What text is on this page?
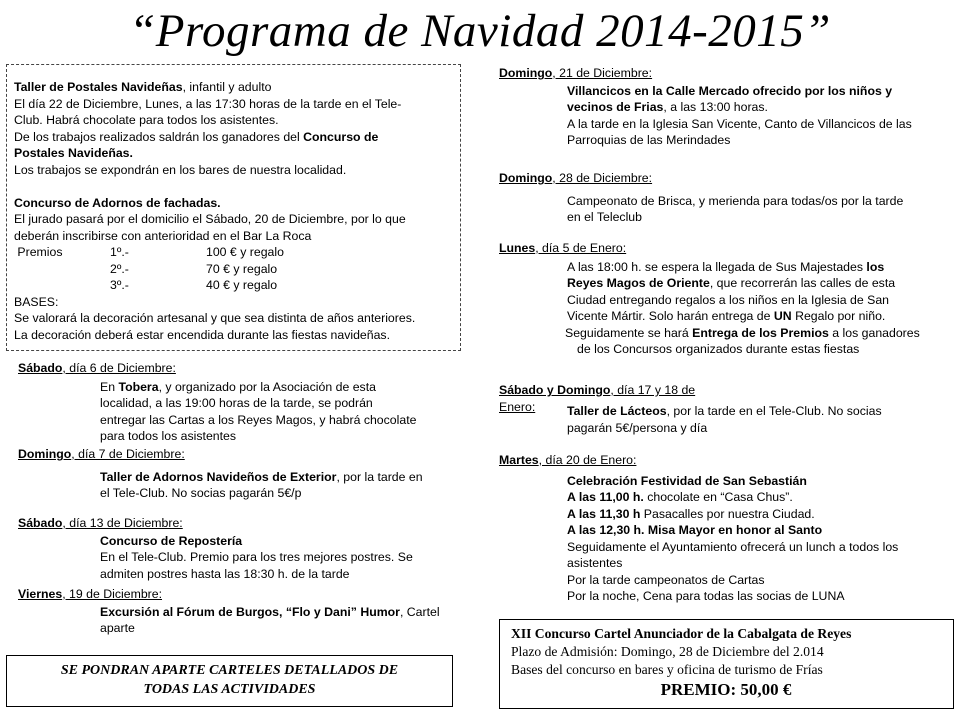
“Programa de Navidad 2014-2015”

Taller de Postales Navideñas, infantil y adulto

El día 22 de Diciembre, Lunes, a las 17:30 horas de la tarde en el Tele-

Club. Habrá chocolate para todos los asistentes.

De los trabajos realizados saldrán los ganadores del Concurso de

Postales Navideñas.

Los trabajos se expondrán en los bares de nuestra localidad.

Concurso de Adornos de fachadas.

El jurado pasará por el domicilio el Sábado, 20 de Diciembre, por lo que

deberán inscribirse con anterioridad en el Bar La Roca

Premios	1º.-	100 € y regalo
2º.-	70 € y regalo
3º.-	40 € y regalo

BASES:

Se valorará la decoración artesanal y que sea distinta de años anteriores.

La decoración deberá estar encendida durante las fiestas navideñas.

Sábado, día 6 de Diciembre:

En Tobera, y organizado por la Asociación de esta

localidad, a las 19:00 horas de la tarde, se podrán

entregar las Cartas a los Reyes Magos, y habrá chocolate

para todos los asistentes

Domingo, día 7 de Diciembre:

Taller de Adornos Navideños de Exterior, por la tarde en

el Tele-Club. No socias pagarán 5€/p

Sábado, día 13 de Diciembre:

Concurso de Repostería

En el Tele-Club. Premio para los tres mejores postres. Se

admiten postres hasta las 18:30 h. de la tarde

Viernes, 19 de Diciembre:

Excursión al Fórum de Burgos, “Flo y Dani” Humor, Cartel

aparte

SE PONDRAN APARTE CARTELES DETALLADOS DE

TODAS LAS ACTIVIDADES

Domingo, 21 de Diciembre:

Villancicos en la Calle Mercado ofrecido por los niños y

vecinos de Frias, a las 13:00 horas.

A la tarde en la Iglesia San Vicente, Canto de Villancicos de las

Parroquias de las Merindades

Domingo, 28 de Diciembre:

Campeonato de Brisca, y merienda para todas/os por la tarde

en el Teleclub

Lunes, día 5 de Enero:

A las 18:00 h. se espera la llegada de Sus Majestades los

Reyes Magos de Oriente, que recorrerán las calles de esta

Ciudad entregando regalos a los niños en la Iglesia de San

Vicente Mártir. Solo harán entrega de UN Regalo por niño.

Seguidamente se hará Entrega de los Premios a los ganadores

de los Concursos organizados durante estas fiestas

Sábado y Domingo, día 17 y 18 de

Enero:	Taller de Lácteos, por la tarde en el Tele-Club. No socias

pagarán 5€/persona y día

Martes, día 20 de Enero:

Celebración Festividad de San Sebastián

A las 11,00 h. chocolate en “Casa Chus”.

A las 11,30 h Pasacalles por nuestra Ciudad.

A las 12,30 h. Misa Mayor en honor al Santo

Seguidamente el Ayuntamiento ofrecerá un lunch a todos los

asistentes

Por la tarde campeonatos de Cartas

Por la noche, Cena para todas las socias de LUNA

XII Concurso Cartel Anunciador de la Cabalgata de Reyes

Plazo de Admisión: Domingo, 28 de Diciembre del 2.014

Bases del concurso en bares y oficina de turismo de Frías

PREMIO: 50,00 €
